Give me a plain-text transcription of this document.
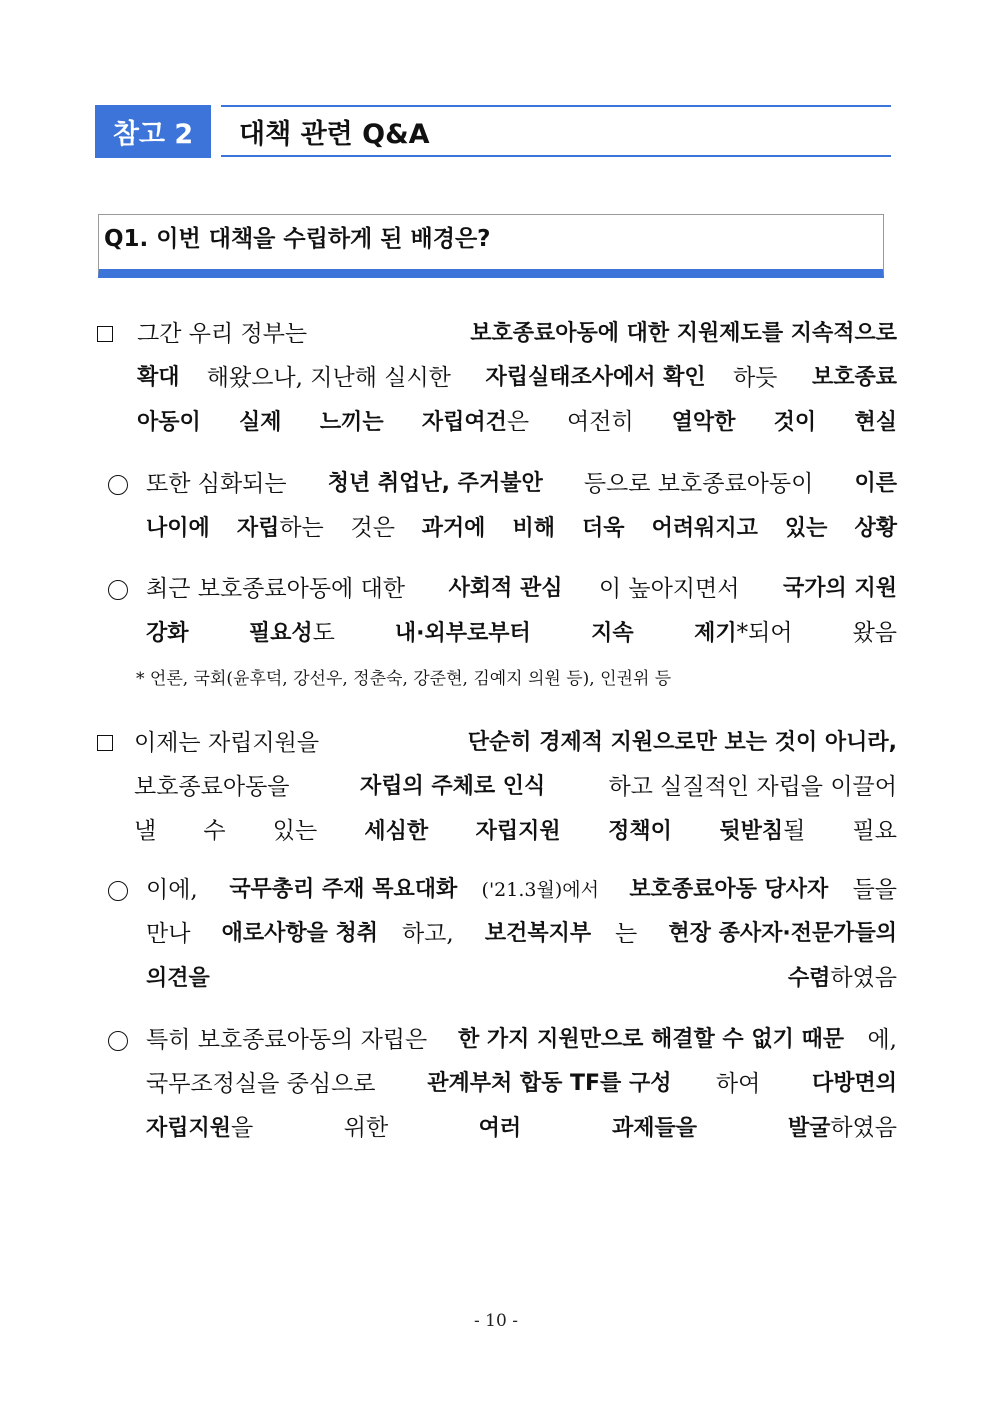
참고 2	대책 관련 Q&A
Q1. 이번 대책을 수립하게 된 배경은?
그간 우리 정부는	보호종료아동에 대한 지원제도를 지속적으로
확대 해왔으나, 지난해 실시한 자립실태조사에서 확인 하듯 보호종료
아동이 실제 느끼는 자립여건은 여전히 열악한 것이 현실
또한 심화되는 청년 취업난, 주거불안 등으로 보호종료아동이 이른
나이에 자립하는 것은 과거에 비해 더욱 어려워지고 있는 상황
최근 보호종료아동에 대한 사회적 관심 이 높아지면서 국가의 지원
강화 필요성도 내·외부로부터 지속 제기*되어 왔음
* 언론, 국회(윤후덕, 강선우, 정춘숙, 강준현, 김예지 의원 등), 인권위 등
이제는 자립지원을	단순히 경제적 지원으로만 보는 것이 아니라,
보호종료아동을	자립의 주체로 인식	하고 실질적인 자립을 이끌어
낼 수 있는 세심한 자립지원 정책이 뒷받침될 필요
이에, 국무총리 주재 목요대화 ('21.3월)에서 보호종료아동 당사자 들을
만나 애로사항을 청취 하고, 보건복지부 는 현장 종사자·전문가들의
의견을 수렴하였음
특히 보호종료아동의 자립은 한 가지 지원만으로 해결할 수 없기 때문 에,
국무조정실을 중심으로 관계부처 합동 TF를 구성 하여 다방면의
자립지원을 위한 여러 과제들을 발굴하였음
- 10 -
